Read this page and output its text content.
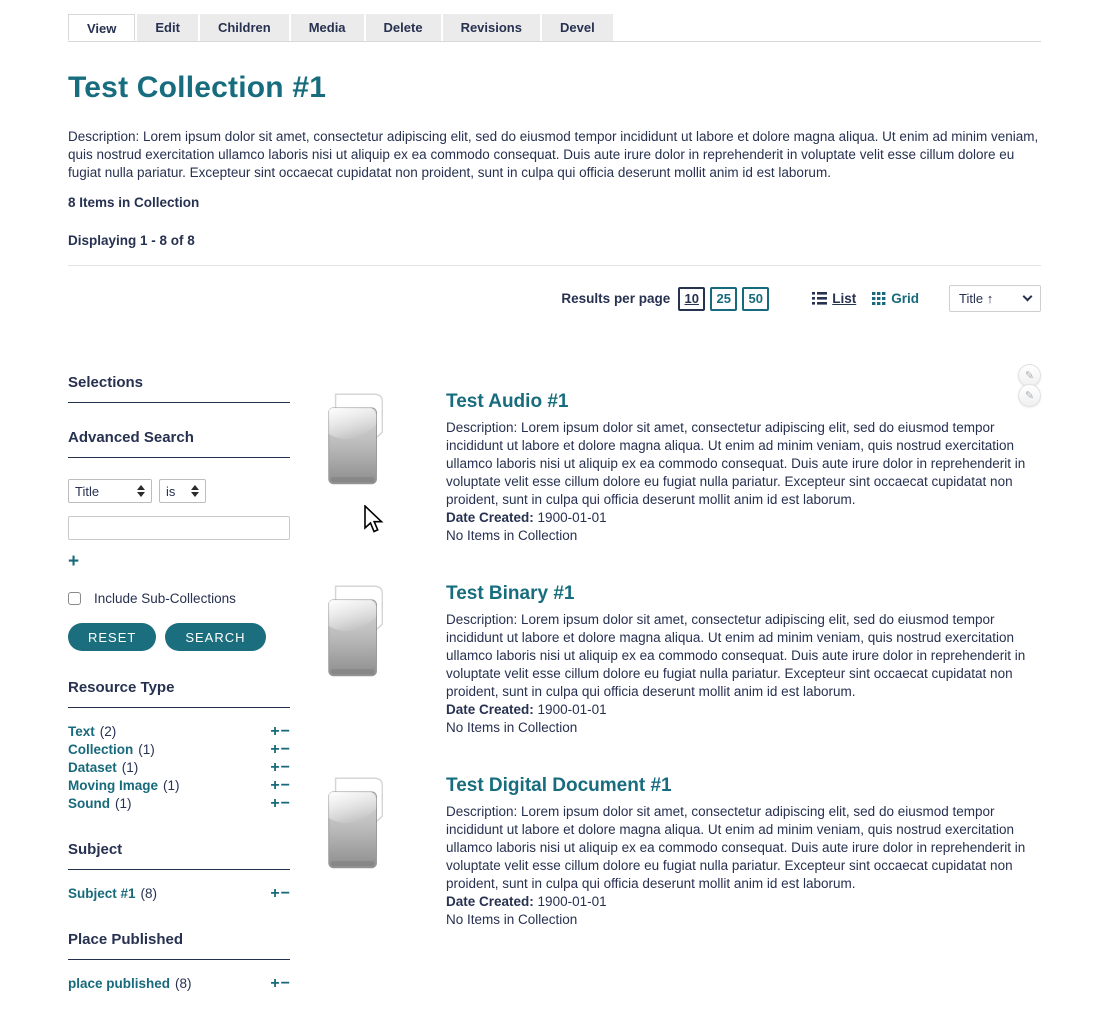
View	Edit	Children	Media	Delete	Revisions	Devel
Test Collection #1

Description: Lorem ipsum dolor sit amet, consectetur adipiscing elit, sed do eiusmod tempor incididunt ut labore et dolore magna aliqua. Ut enim ad minim veniam, quis nostrud exercitation ullamco laboris nisi ut aliquip ex ea commodo consequat. Duis aute irure dolor in reprehenderit in voluptate velit esse cillum dolore eu fugiat nulla pariatur. Excepteur sint occaecat cupidatat non proident, sunt in culpa qui officia deserunt mollit anim id est laborum.

8 Items in Collection
Displaying 1 - 8 of 8
Results per page	10	25	50	List	Grid	Title ↑
Selections
Advanced Search
Title	is
+
Include Sub-Collections
RESET	SEARCH
Resource Type
Text (2)	+ −
Collection (1)	+ −
Dataset (1)	+ −
Moving Image (1)	+ −
Sound (1)	+ −
Subject
Subject #1 (8)	+ −
Place Published
place published (8)	+ −
Test Audio #1

Description: Lorem ipsum dolor sit amet, consectetur adipiscing elit, sed do eiusmod tempor incididunt ut labore et dolore magna aliqua. Ut enim ad minim veniam, quis nostrud exercitation ullamco laboris nisi ut aliquip ex ea commodo consequat. Duis aute irure dolor in reprehenderit in voluptate velit esse cillum dolore eu fugiat nulla pariatur. Excepteur sint occaecat cupidatat non proident, sunt in culpa qui officia deserunt mollit anim id est laborum.

Date Created: 1900-01-01

No Items in Collection

✎
✎
Test Binary #1

Description: Lorem ipsum dolor sit amet, consectetur adipiscing elit, sed do eiusmod tempor incididunt ut labore et dolore magna aliqua. Ut enim ad minim veniam, quis nostrud exercitation ullamco laboris nisi ut aliquip ex ea commodo consequat. Duis aute irure dolor in reprehenderit in voluptate velit esse cillum dolore eu fugiat nulla pariatur. Excepteur sint occaecat cupidatat non proident, sunt in culpa qui officia deserunt mollit anim id est laborum.

Date Created: 1900-01-01

No Items in Collection

Test Digital Document #1

Description: Lorem ipsum dolor sit amet, consectetur adipiscing elit, sed do eiusmod tempor incididunt ut labore et dolore magna aliqua. Ut enim ad minim veniam, quis nostrud exercitation ullamco laboris nisi ut aliquip ex ea commodo consequat. Duis aute irure dolor in reprehenderit in voluptate velit esse cillum dolore eu fugiat nulla pariatur. Excepteur sint occaecat cupidatat non proident, sunt in culpa qui officia deserunt mollit anim id est laborum.

Date Created: 1900-01-01

No Items in Collection
